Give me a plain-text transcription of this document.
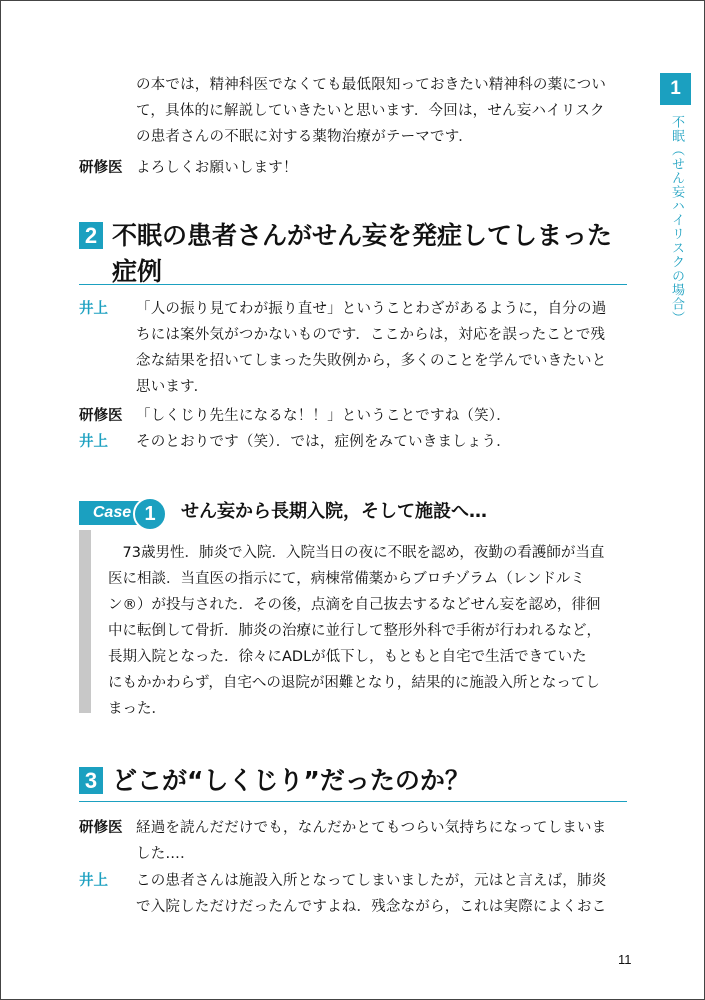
の本では，精神科医でなくても最低限知っておきたい精神科の薬につい
て，具体的に解説していきたいと思います．今回は，せん妄ハイリスク
の患者さんの不眠に対する薬物治療がテーマです．
研修医 よろしくお願いします！
2 不眠の患者さんがせん妄を発症してしまった
症例
井上 「人の振り見てわが振り直せ」ということわざがあるように，自分の過
ちには案外気がつかないものです．ここからは，対応を誤ったことで残
念な結果を招いてしまった失敗例から，多くのことを学んでいきたいと
思います．
研修医 「しくじり先生になるな！！」ということですね（笑）．
井上 そのとおりです（笑）．では，症例をみていきましょう．
Case 1	せん妄から長期入院，そして施設へ…
　73歳男性．肺炎で入院．入院当日の夜に不眠を認め，夜勤の看護師が当直
医に相談．当直医の指示にて，病棟常備薬からブロチゾラム（レンドルミ
ン®）が投与された．その後，点滴を自己抜去するなどせん妄を認め，徘徊
中に転倒して骨折．肺炎の治療に並行して整形外科で手術が行われるなど，
長期入院となった．徐々にADLが低下し，もともと自宅で生活できていた
にもかかわらず，自宅への退院が困難となり，結果的に施設入所となってし
まった．
3 どこが“しくじり”だったのか？
研修医 経過を読んだだけでも，なんだかとてもつらい気持ちになってしまいま
した…．
井上 この患者さんは施設入所となってしまいましたが，元はと言えば，肺炎
で入院しただけだったんですよね．残念ながら，これは実際によくおこ
1
不眠（せん妄ハイリスクの場合）
11
